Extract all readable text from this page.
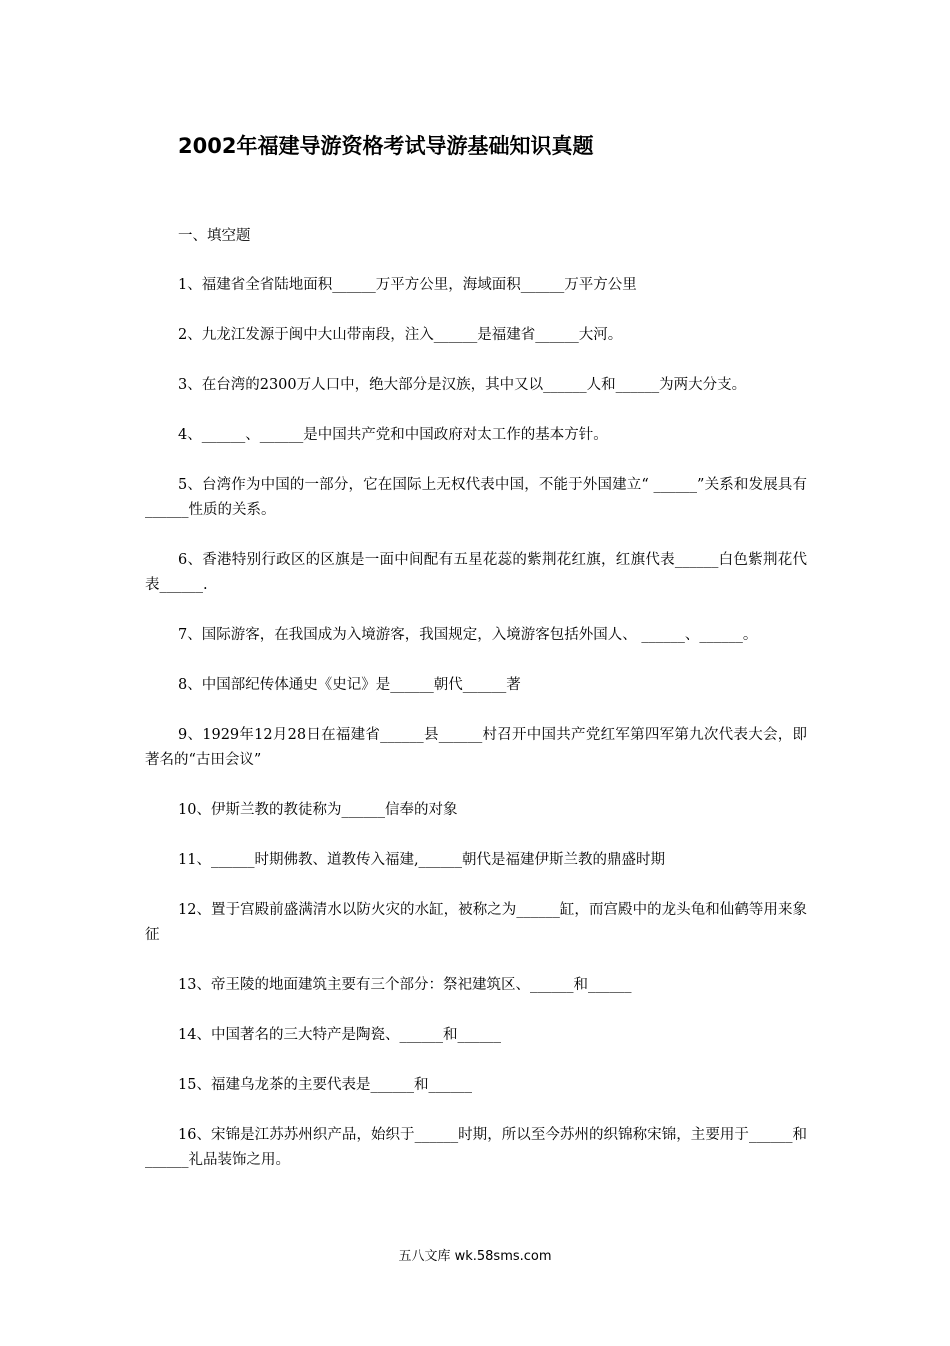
2002年福建导游资格考试导游基础知识真题
一、填空题

1、福建省全省陆地面积______万平方公里，海域面积______万平方公里

2、九龙江发源于闽中大山带南段，注入______是福建省______大河。

3、在台湾的2300万人口中，绝大部分是汉族，其中又以______人和______为两大分支。

4、______、______是中国共产党和中国政府对太工作的基本方针。

5、台湾作为中国的一部分，它在国际上无权代表中国，不能于外国建立“ ______”关系和发展具有______性质的关系。

6、香港特别行政区的区旗是一面中间配有五星花蕊的紫荆花红旗，红旗代表______白色紫荆花代表______.

7、国际游客，在我国成为入境游客，我国规定，入境游客包括外国人、 ______、______。

8、中国部纪传体通史《史记》是______朝代______著

9、1929年12月28日在福建省______县______村召开中国共产党红军第四军第九次代表大会，即著名的“古田会议”

10、伊斯兰教的教徒称为______信奉的对象

11、______时期佛教、道教传入福建,______朝代是福建伊斯兰教的鼎盛时期

12、置于宫殿前盛满清水以防火灾的水缸，被称之为______缸，而宫殿中的龙头龟和仙鹤等用来象征

13、帝王陵的地面建筑主要有三个部分：祭祀建筑区、______和______

14、中国著名的三大特产是陶瓷、______和______

15、福建乌龙茶的主要代表是______和______

16、宋锦是江苏苏州织产品，始织于______时期，所以至今苏州的织锦称宋锦，主要用于______和______礼品装饰之用。

五八文库 wk.58sms.com
